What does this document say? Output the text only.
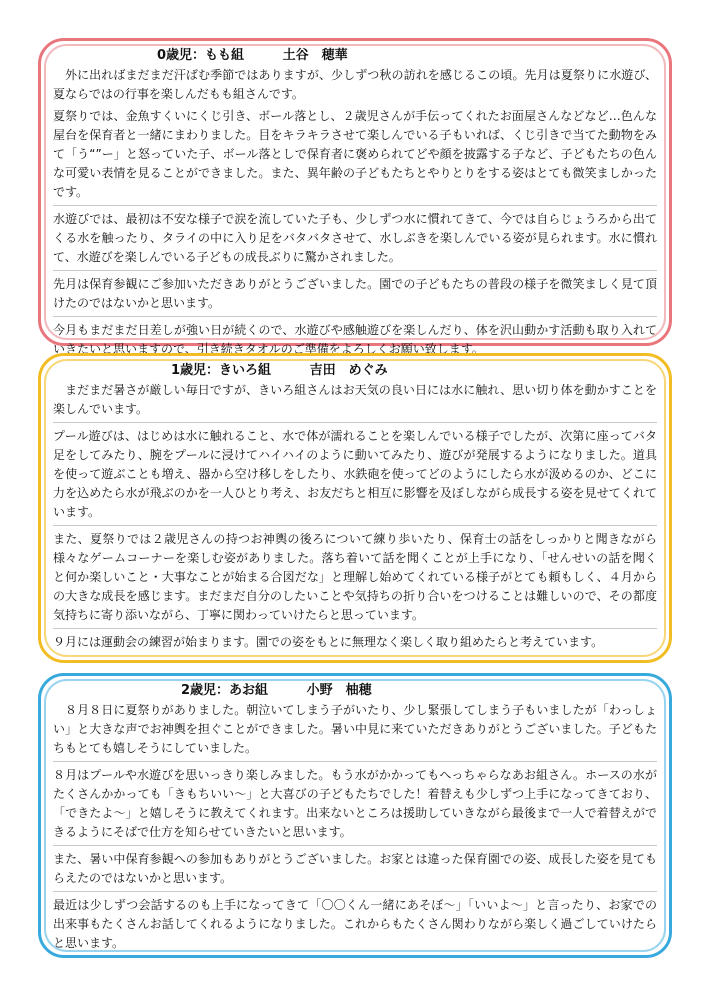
0歳児：もも組	土谷　穂華

外に出ればまだまだ汗ばむ季節ではありますが、少しずつ秋の訪れを感じるこの頃。先月は夏祭りに水遊び、夏ならではの行事を楽しんだもも組さんです。

夏祭りでは、金魚すくいにくじ引き、ボール落とし、２歳児さんが手伝ってくれたお面屋さんなどなど…色んな屋台を保育者と一緒にまわりました。目をキラキラさせて楽しんでいる子もいれば、くじ引きで当てた動物をみて「う“”ー」と怒っていた子、ボール落としで保育者に褒められてどや顔を披露する子など、子どもたちの色んな可愛い表情を見ることができました。また、異年齢の子どもたちとやりとりをする姿はとても微笑ましかったです。

水遊びでは、最初は不安な様子で涙を流していた子も、少しずつ水に慣れてきて、今では自らじょうろから出てくる水を触ったり、タライの中に入り足をバタバタさせて、水しぶきを楽しんでいる姿が見られます。水に慣れて、水遊びを楽しんでいる子どもの成長ぶりに驚かされました。

先月は保育参観にご参加いただきありがとうございました。園での子どもたちの普段の様子を微笑ましく見て頂けたのではないかと思います。

今月もまだまだ日差しが強い日が続くので、水遊びや感触遊びを楽しんだり、体を沢山動かす活動も取り入れていきたいと思いますので、引き続きタオルのご準備をよろしくお願い致します。

1歳児：きいろ組	吉田　めぐみ

まだまだ暑さが厳しい毎日ですが、きいろ組さんはお天気の良い日には水に触れ、思い切り体を動かすことを楽しんでいます。

プール遊びは、はじめは水に触れること、水で体が濡れることを楽しんでいる様子でしたが、次第に座ってバタ足をしてみたり、腕をプールに浸けてハイハイのように動いてみたり、遊びが発展するようになりました。道具を使って遊ぶことも増え、器から空け移しをしたり、水鉄砲を使ってどのようにしたら水が汲めるのか、どこに力を込めたら水が飛ぶのかを一人ひとり考え、お友だちと相互に影響を及ぼしながら成長する姿を見せてくれています。

また、夏祭りでは２歳児さんの持つお神輿の後ろについて練り歩いたり、保育士の話をしっかりと聞きながら様々なゲームコーナーを楽しむ姿がありました。落ち着いて話を聞くことが上手になり、「せんせいの話を聞くと何か楽しいこと・大事なことが始まる合図だな」と理解し始めてくれている様子がとても頼もしく、４月からの大きな成長を感じます。まだまだ自分のしたいことや気持ちの折り合いをつけることは難しいので、その都度気持ちに寄り添いながら、丁寧に関わっていけたらと思っています。

９月には運動会の練習が始まります。園での姿をもとに無理なく楽しく取り組めたらと考えています。

2歳児：あお組	小野　柚穂

８月８日に夏祭りがありました。朝泣いてしまう子がいたり、少し緊張してしまう子もいましたが「わっしょい」と大きな声でお神輿を担ぐことができました。暑い中見に来ていただきありがとうございました。子どもたちもとても嬉しそうにしていました。

８月はプールや水遊びを思いっきり楽しみました。もう水がかかってもへっちゃらなあお組さん。ホースの水がたくさんかかっても「きもちいい～」と大喜びの子どもたちでした！着替えも少しずつ上手になってきており、「できたよ～」と嬉しそうに教えてくれます。出来ないところは援助していきながら最後まで一人で着替えができるようにそばで仕方を知らせていきたいと思います。

また、暑い中保育参観への参加もありがとうございました。お家とは違った保育園での姿、成長した姿を見てもらえたのではないかと思います。

最近は少しずつ会話するのも上手になってきて「〇〇くん一緒にあそぼ～」「いいよ～」と言ったり、お家での出来事もたくさんお話してくれるようになりました。これからもたくさん関わりながら楽しく過ごしていけたらと思います。
